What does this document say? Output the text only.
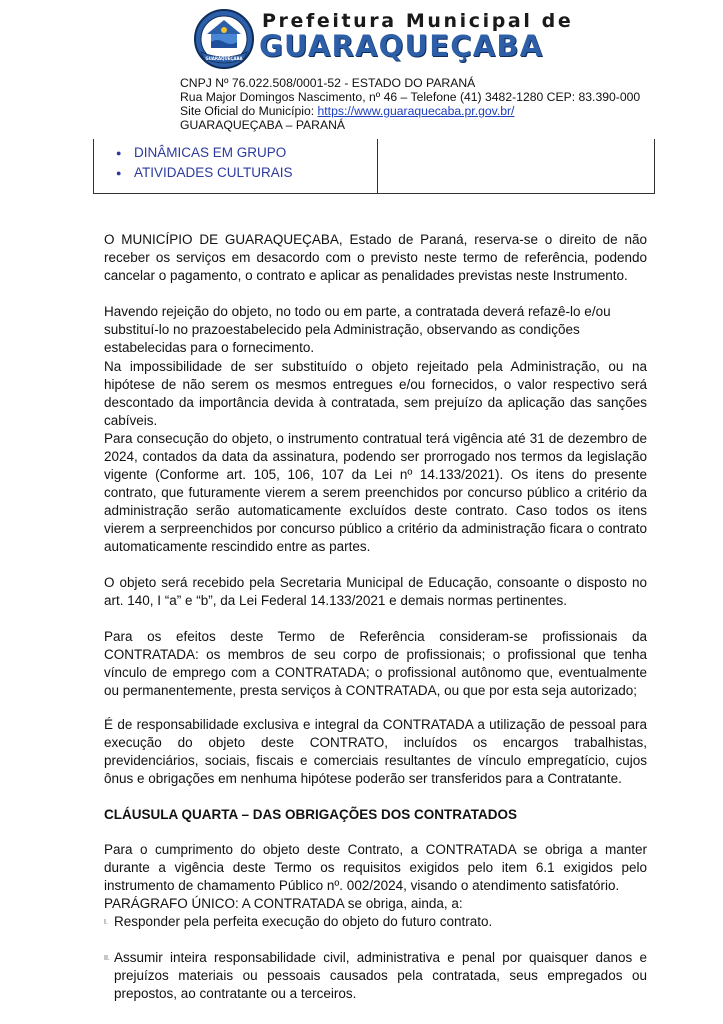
GUARAQUEÇABA
Prefeitura Municipal de
GUARAQUEÇABA
CNPJ Nº 76.022.508/0001-52 - ESTADO DO PARANÁ
Rua Major Domingos Nascimento, nº 46 – Telefone (41) 3482-1280 CEP: 83.390-000
Site Oficial do Município: https://www.guaraquecaba.pr.gov.br/
GUARAQUEÇABA – PARANÁ
● DINÂMICAS EM GRUPO
● ATIVIDADES CULTURAIS

O MUNICÍPIO DE GUARAQUEÇABA, Estado de Paraná, reserva-se o direito de não receber os serviços em desacordo com o previsto neste termo de referência, podendo cancelar o pagamento, o contrato e aplicar as penalidades previstas neste Instrumento.

Havendo rejeição do objeto, no todo ou em parte, a contratada deverá refazê-lo e/ou substituí-lo no prazoestabelecido pela Administração, observando as condições estabelecidas para o fornecimento.

Na impossibilidade de ser substituído o objeto rejeitado pela Administração, ou na hipótese de não serem os mesmos entregues e/ou fornecidos, o valor respectivo será descontado da importância devida à contratada, sem prejuízo da aplicação das sanções cabíveis.

Para consecução do objeto, o instrumento contratual terá vigência até 31 de dezembro de 2024, contados da data da assinatura, podendo ser prorrogado nos termos da legislação vigente (Conforme art. 105, 106, 107 da Lei nº 14.133/2021). Os itens do presente contrato, que futuramente vierem a serem preenchidos por concurso público a critério da administração serão automaticamente excluídos deste contrato. Caso todos os itens vierem a serpreenchidos por concurso público a critério da administração ficara o contrato automaticamente rescindido entre as partes.

O objeto será recebido pela Secretaria Municipal de Educação, consoante o disposto no art. 140, I “a” e “b”, da Lei Federal 14.133/2021 e demais normas pertinentes.

Para os efeitos deste Termo de Referência consideram-se profissionais da CONTRATADA: os membros de seu corpo de profissionais; o profissional que tenha vínculo de emprego com a CONTRATADA; o profissional autônomo que, eventualmente ou permanentemente, presta serviços à CONTRATADA, ou que por esta seja autorizado;

É de responsabilidade exclusiva e integral da CONTRATADA a utilização de pessoal para execução do objeto deste CONTRATO, incluídos os encargos trabalhistas, previdenciários, sociais, fiscais e comerciais resultantes de vínculo empregatício, cujos ônus e obrigações em nenhuma hipótese poderão ser transferidos para a Contratante.

CLÁUSULA QUARTA – DAS OBRIGAÇÕES DOS CONTRATADOS

Para o cumprimento do objeto deste Contrato, a CONTRATADA se obriga a manter durante a vigência deste Termo os requisitos exigidos pelo item 6.1 exigidos pelo instrumento de chamamento Público nº. 002/2024, visando o atendimento satisfatório.

PARÁGRAFO ÚNICO: A CONTRATADA se obriga, ainda, a:

I. Responder pela perfeita execução do objeto do futuro contrato.
II. Assumir inteira responsabilidade civil, administrativa e penal por quaisquer danos e prejuízos materiais ou pessoais causados pela contratada, seus empregados ou prepostos, ao contratante ou a terceiros.
